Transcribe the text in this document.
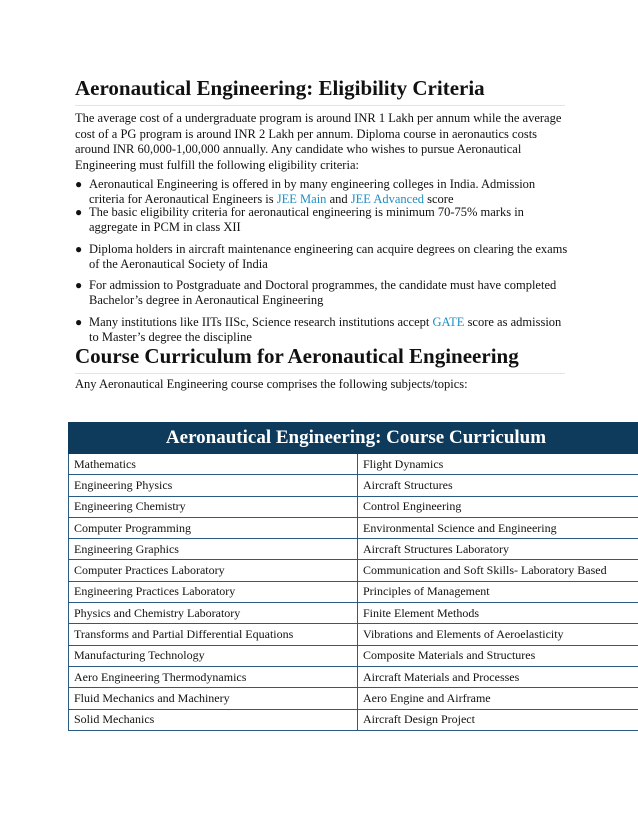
Aeronautical Engineering: Eligibility Criteria

The average cost of a undergraduate program is around INR 1 Lakh per annum while the average cost of a PG program is around INR 2 Lakh per annum. Diploma course in aeronautics costs around INR 60,000-1,00,000 annually. Any candidate who wishes to pursue Aeronautical Engineering must fulfill the following eligibility criteria:

● Aeronautical Engineering is offered in by many engineering colleges in India. Admission criteria for Aeronautical Engineers is JEE Main and JEE Advanced score
● The basic eligibility criteria for aeronautical engineering is minimum 70-75% marks in aggregate in PCM in class XII
● Diploma holders in aircraft maintenance engineering can acquire degrees on clearing the exams of the Aeronautical Society of India
● For admission to Postgraduate and Doctoral programmes, the candidate must have completed Bachelor’s degree in Aeronautical Engineering
● Many institutions like IITs IISc, Science research institutions accept GATE score as admission to Master’s degree the discipline
Course Curriculum for Aeronautical Engineering

Any Aeronautical Engineering course comprises the following subjects/topics:

Aeronautical Engineering: Course Curriculum	
Mathematics	Flight Dynamics
Engineering Physics	Aircraft Structures
Engineering Chemistry	Control Engineering
Computer Programming	Environmental Science and Engineering
Engineering Graphics	Aircraft Structures Laboratory
Computer Practices Laboratory	Communication and Soft Skills- Laboratory Based
Engineering Practices Laboratory	Principles of Management
Physics and Chemistry Laboratory	Finite Element Methods
Transforms and Partial Differential Equations	Vibrations and Elements of Aeroelasticity
Manufacturing Technology	Composite Materials and Structures
Aero Engineering Thermodynamics	Aircraft Materials and Processes
Fluid Mechanics and Machinery	Aero Engine and Airframe
Solid Mechanics	Aircraft Design Project
